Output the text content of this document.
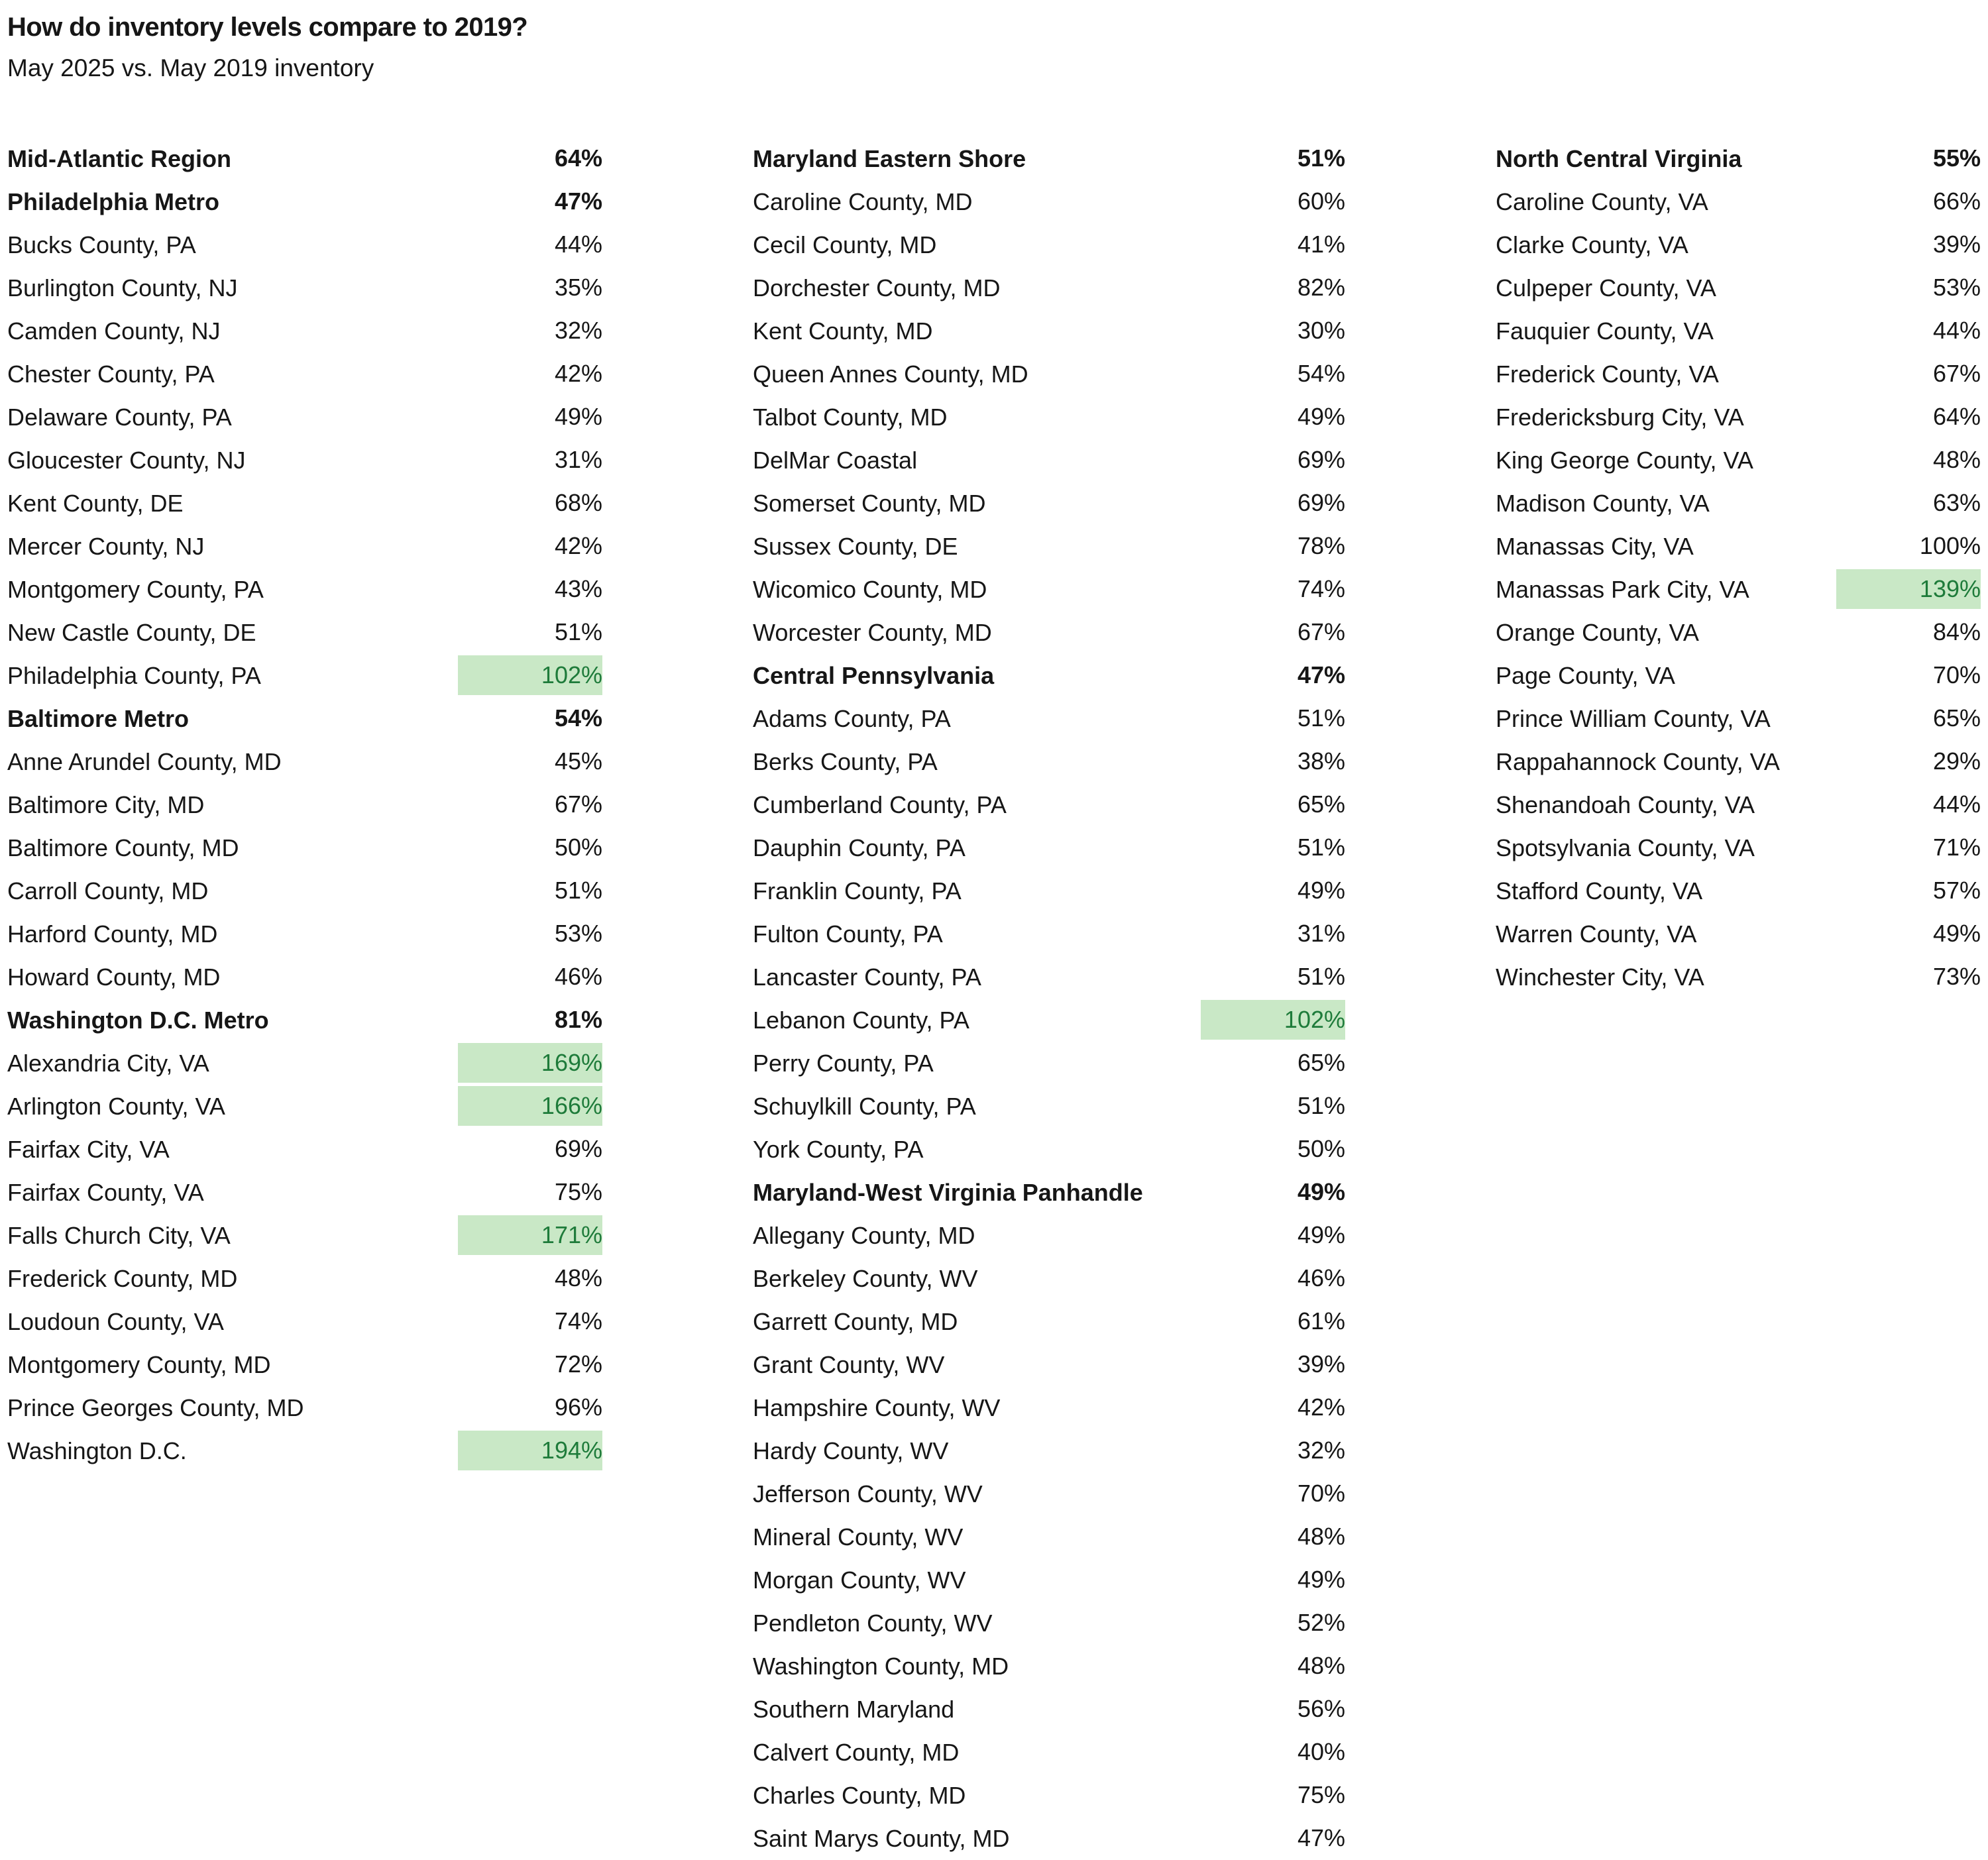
How do inventory levels compare to 2019?

May 2025 vs. May 2019 inventory

Mid-Atlantic Region	64%
Philadelphia Metro	47%
Bucks County, PA	44%
Burlington County, NJ	35%
Camden County, NJ	32%
Chester County, PA	42%
Delaware County, PA	49%
Gloucester County, NJ	31%
Kent County, DE	68%
Mercer County, NJ	42%
Montgomery County, PA	43%
New Castle County, DE	51%
Philadelphia County, PA	102%
Baltimore Metro	54%
Anne Arundel County, MD	45%
Baltimore City, MD	67%
Baltimore County, MD	50%
Carroll County, MD	51%
Harford County, MD	53%
Howard County, MD	46%
Washington D.C. Metro	81%
Alexandria City, VA	169%
Arlington County, VA	166%
Fairfax City, VA	69%
Fairfax County, VA	75%
Falls Church City, VA	171%
Frederick County, MD	48%
Loudoun County, VA	74%
Montgomery County, MD	72%
Prince Georges County, MD	96%
Washington D.C.	194%
Maryland Eastern Shore	51%
Caroline County, MD	60%
Cecil County, MD	41%
Dorchester County, MD	82%
Kent County, MD	30%
Queen Annes County, MD	54%
Talbot County, MD	49%
DelMar Coastal	69%
Somerset County, MD	69%
Sussex County, DE	78%
Wicomico County, MD	74%
Worcester County, MD	67%
Central Pennsylvania	47%
Adams County, PA	51%
Berks County, PA	38%
Cumberland County, PA	65%
Dauphin County, PA	51%
Franklin County, PA	49%
Fulton County, PA	31%
Lancaster County, PA	51%
Lebanon County, PA	102%
Perry County, PA	65%
Schuylkill County, PA	51%
York County, PA	50%
Maryland-West Virginia Panhandle	49%
Allegany County, MD	49%
Berkeley County, WV	46%
Garrett County, MD	61%
Grant County, WV	39%
Hampshire County, WV	42%
Hardy County, WV	32%
Jefferson County, WV	70%
Mineral County, WV	48%
Morgan County, WV	49%
Pendleton County, WV	52%
Washington County, MD	48%
Southern Maryland	56%
Calvert County, MD	40%
Charles County, MD	75%
Saint Marys County, MD	47%
North Central Virginia	55%
Caroline County, VA	66%
Clarke County, VA	39%
Culpeper County, VA	53%
Fauquier County, VA	44%
Frederick County, VA	67%
Fredericksburg City, VA	64%
King George County, VA	48%
Madison County, VA	63%
Manassas City, VA	100%
Manassas Park City, VA	139%
Orange County, VA	84%
Page County, VA	70%
Prince William County, VA	65%
Rappahannock County, VA	29%
Shenandoah County, VA	44%
Spotsylvania County, VA	71%
Stafford County, VA	57%
Warren County, VA	49%
Winchester City, VA	73%
